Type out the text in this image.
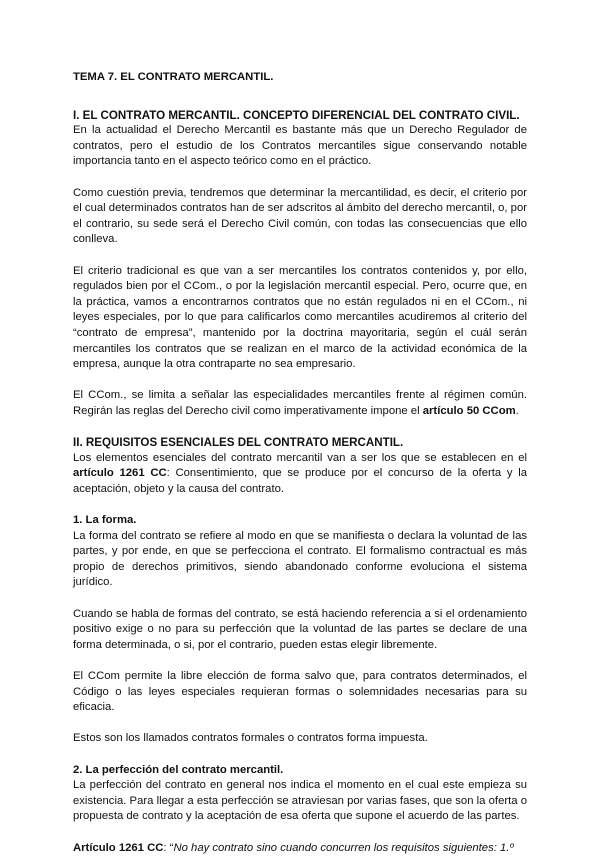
TEMA 7. EL CONTRATO MERCANTIL.
I. EL CONTRATO MERCANTIL. CONCEPTO DIFERENCIAL DEL CONTRATO CIVIL.

En la actualidad el Derecho Mercantil es bastante más que un Derecho Regulador de contratos, pero el estudio de los Contratos mercantiles sigue conservando notable importancia tanto en el aspecto teórico como en el práctico.

Como cuestión previa, tendremos que determinar la mercantilidad, es decir, el criterio por el cual determinados contratos han de ser adscritos al ámbito del derecho mercantil, o, por el contrario, su sede será el Derecho Civil común, con todas las consecuencias que ello conlleva.

El criterio tradicional es que van a ser mercantiles los contratos contenidos y, por ello, regulados bien por el CCom., o por la legislación mercantil especial. Pero, ocurre que, en la práctica, vamos a encontrarnos contratos que no están regulados ni en el CCom., ni leyes especiales, por lo que para calificarlos como mercantiles acudiremos al criterio del “contrato de empresa”, mantenido por la doctrina mayoritaria, según el cuál serán mercantiles los contratos que se realizan en el marco de la actividad económica de la empresa, aunque la otra contraparte no sea empresario.

El CCom., se limita a señalar las especialidades mercantiles frente al régimen común. Regirán las reglas del Derecho civil como imperativamente impone el artículo 50 CCom.

II. REQUISITOS ESENCIALES DEL CONTRATO MERCANTIL.

Los elementos esenciales del contrato mercantil van a ser los que se establecen en el artículo 1261 CC: Consentimiento, que se produce por el concurso de la oferta y la aceptación, objeto y la causa del contrato.

1. La forma.

La forma del contrato se refiere al modo en que se manifiesta o declara la voluntad de las partes, y por ende, en que se perfecciona el contrato. El formalismo contractual es más propio de derechos primitivos, siendo abandonado conforme evoluciona el sistema jurídico.

Cuando se habla de formas del contrato, se está haciendo referencia a si el ordenamiento positivo exige o no para su perfección que la voluntad de las partes se declare de una forma determinada, o si, por el contrario, pueden estas elegir libremente.

El CCom permite la libre elección de forma salvo que, para contratos determinados, el Código o las leyes especiales requieran formas o solemnidades necesarias para su eficacia.

Estos son los llamados contratos formales o contratos forma impuesta.

2. La perfección del contrato mercantil.

La perfección del contrato en general nos indica el momento en el cual este empieza su existencia. Para llegar a esta perfección se atraviesan por varias fases, que son la oferta o propuesta de contrato y la aceptación de esa oferta que supone el acuerdo de las partes.

Artículo 1261 CC: “No hay contrato sino cuando concurren los requisitos siguientes: 1.º
